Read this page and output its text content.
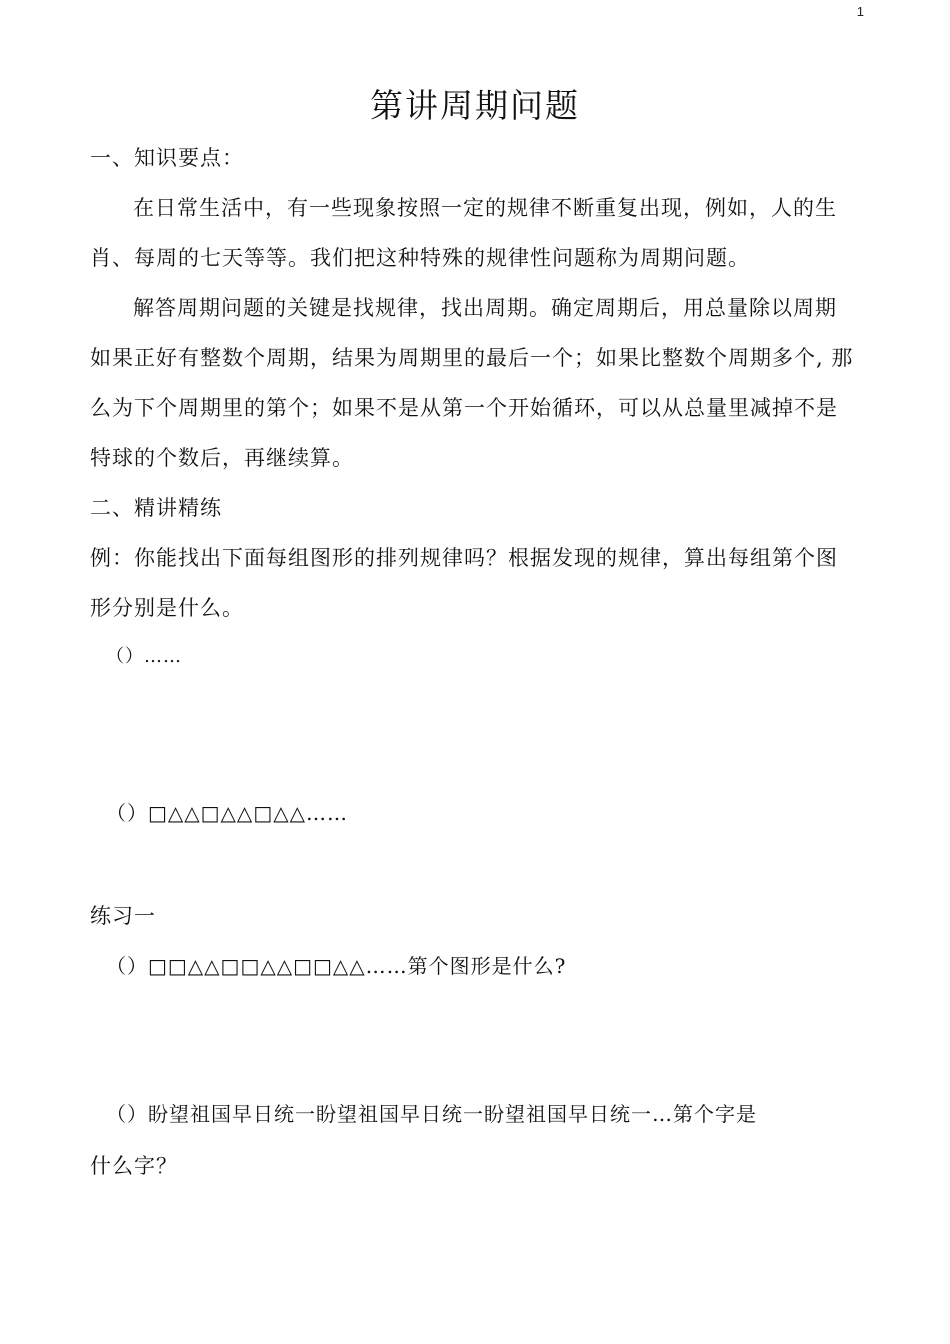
1
第讲周期问题
一、知识要点：
在日常生活中，有一些现象按照一定的规律不断重复出现，例如，人的生
肖、每周的七天等等。我们把这种特殊的规律性问题称为周期问题。
解答周期问题的关键是找规律，找出周期。确定周期后，用总量除以周期
如果正好有整数个周期，结果为周期里的最后一个；如果比整数个周期多个, 那
么为下个周期里的第个；如果不是从第一个开始循环，可以从总量里减掉不是
特球的个数后，再继续算。
二、精讲精练
例：你能找出下面每组图形的排列规律吗？根据发现的规律，算出每组第个图
形分别是什么。
（）……
（）□△△□△△□△△……
练习一
（）□□△△□□△△□□△△……第个图形是什么?
（）盼望祖国早日统一盼望祖国早日统一盼望祖国早日统一…第个字是
什么字？
